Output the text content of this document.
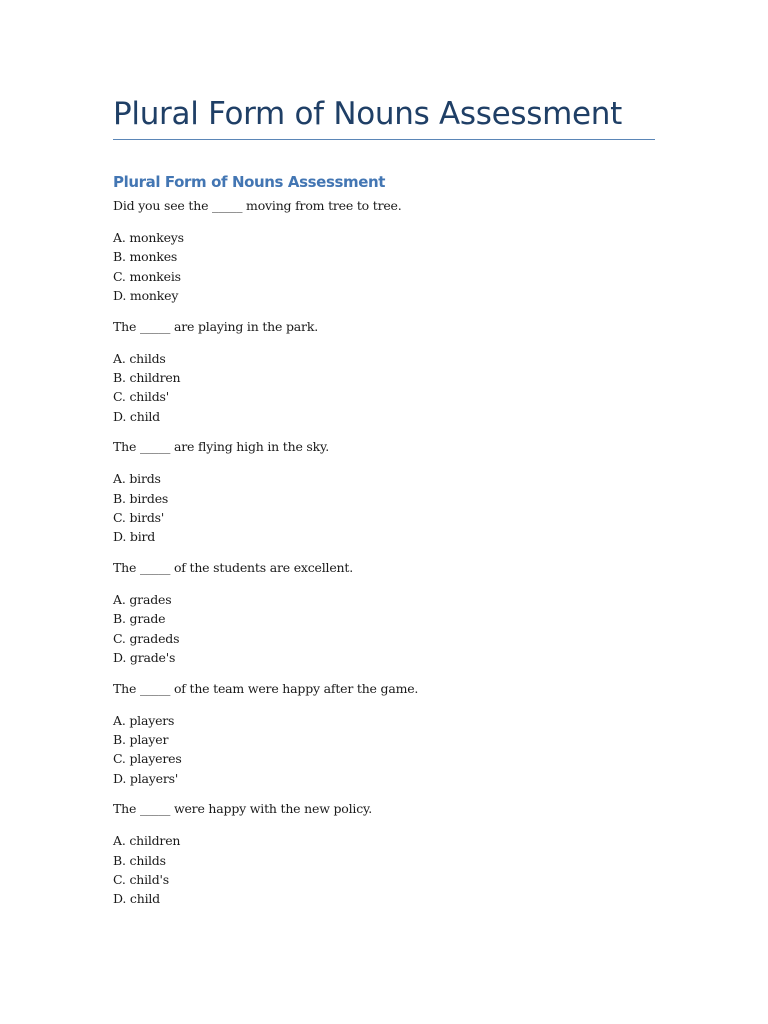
Plural Form of Nouns Assessment
Plural Form of Nouns Assessment

Did you see the _____ moving from tree to tree.

A. monkeys
B. monkes
C. monkeis
D. monkey

The _____ are playing in the park.

A. childs
B. children
C. childs'
D. child

The _____ are flying high in the sky.

A. birds
B. birdes
C. birds'
D. bird

The _____ of the students are excellent.

A. grades
B. grade
C. gradeds
D. grade's

The _____ of the team were happy after the game.

A. players
B. player
C. playeres
D. players'

The _____ were happy with the new policy.

A. children
B. childs
C. child's
D. child
